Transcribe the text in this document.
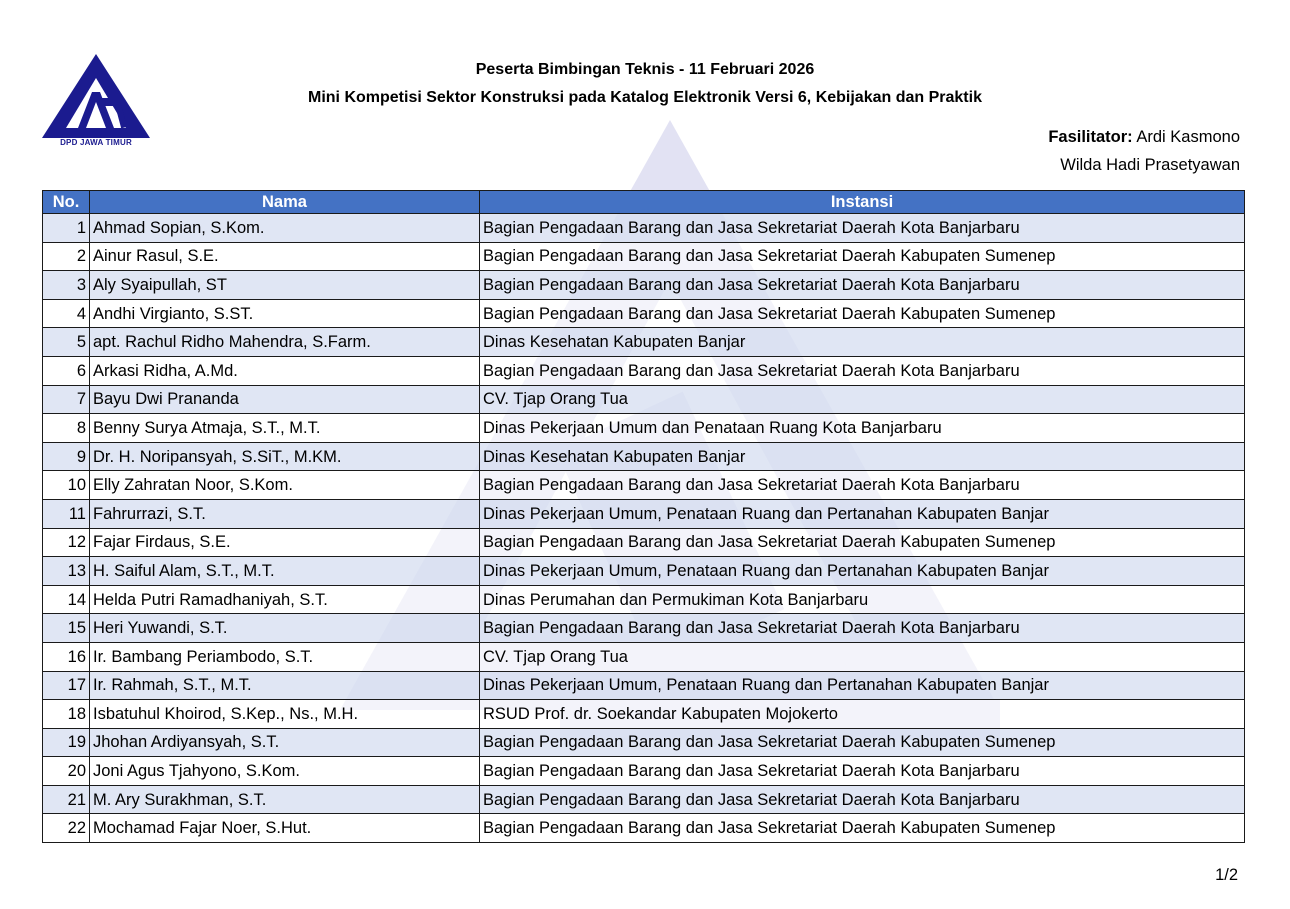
DPD JAWA TIMUR
Peserta Bimbingan Teknis - 11 Februari 2026
Mini Kompetisi Sektor Konstruksi pada Katalog Elektronik Versi 6, Kebijakan dan Praktik
Fasilitator: Ardi Kasmono
Wilda Hadi Prasetyawan
No.	Nama	Instansi
1	Ahmad Sopian, S.Kom.	Bagian Pengadaan Barang dan Jasa Sekretariat Daerah Kota Banjarbaru
2	Ainur Rasul, S.E.	Bagian Pengadaan Barang dan Jasa Sekretariat Daerah Kabupaten Sumenep
3	Aly Syaipullah, ST	Bagian Pengadaan Barang dan Jasa Sekretariat Daerah Kota Banjarbaru
4	Andhi Virgianto, S.ST.	Bagian Pengadaan Barang dan Jasa Sekretariat Daerah Kabupaten Sumenep
5	apt. Rachul Ridho Mahendra, S.Farm.	Dinas Kesehatan Kabupaten Banjar
6	Arkasi Ridha, A.Md.	Bagian Pengadaan Barang dan Jasa Sekretariat Daerah Kota Banjarbaru
7	Bayu Dwi Prananda	CV. Tjap Orang Tua
8	Benny Surya Atmaja, S.T., M.T.	Dinas Pekerjaan Umum dan Penataan Ruang Kota Banjarbaru
9	Dr. H. Noripansyah, S.SiT., M.KM.	Dinas Kesehatan Kabupaten Banjar
10	Elly Zahratan Noor, S.Kom.	Bagian Pengadaan Barang dan Jasa Sekretariat Daerah Kota Banjarbaru
11	Fahrurrazi, S.T.	Dinas Pekerjaan Umum, Penataan Ruang dan Pertanahan Kabupaten Banjar
12	Fajar Firdaus, S.E.	Bagian Pengadaan Barang dan Jasa Sekretariat Daerah Kabupaten Sumenep
13	H. Saiful Alam, S.T., M.T.	Dinas Pekerjaan Umum, Penataan Ruang dan Pertanahan Kabupaten Banjar
14	Helda Putri Ramadhaniyah, S.T.	Dinas Perumahan dan Permukiman Kota Banjarbaru
15	Heri Yuwandi, S.T.	Bagian Pengadaan Barang dan Jasa Sekretariat Daerah Kota Banjarbaru
16	Ir. Bambang Periambodo, S.T.	CV. Tjap Orang Tua
17	Ir. Rahmah, S.T., M.T.	Dinas Pekerjaan Umum, Penataan Ruang dan Pertanahan Kabupaten Banjar
18	Isbatuhul Khoirod, S.Kep., Ns., M.H.	RSUD Prof. dr. Soekandar Kabupaten Mojokerto
19	Jhohan Ardiyansyah, S.T.	Bagian Pengadaan Barang dan Jasa Sekretariat Daerah Kabupaten Sumenep
20	Joni Agus Tjahyono, S.Kom.	Bagian Pengadaan Barang dan Jasa Sekretariat Daerah Kota Banjarbaru
21	M. Ary Surakhman, S.T.	Bagian Pengadaan Barang dan Jasa Sekretariat Daerah Kota Banjarbaru
22	Mochamad Fajar Noer, S.Hut.	Bagian Pengadaan Barang dan Jasa Sekretariat Daerah Kabupaten Sumenep
1/2
